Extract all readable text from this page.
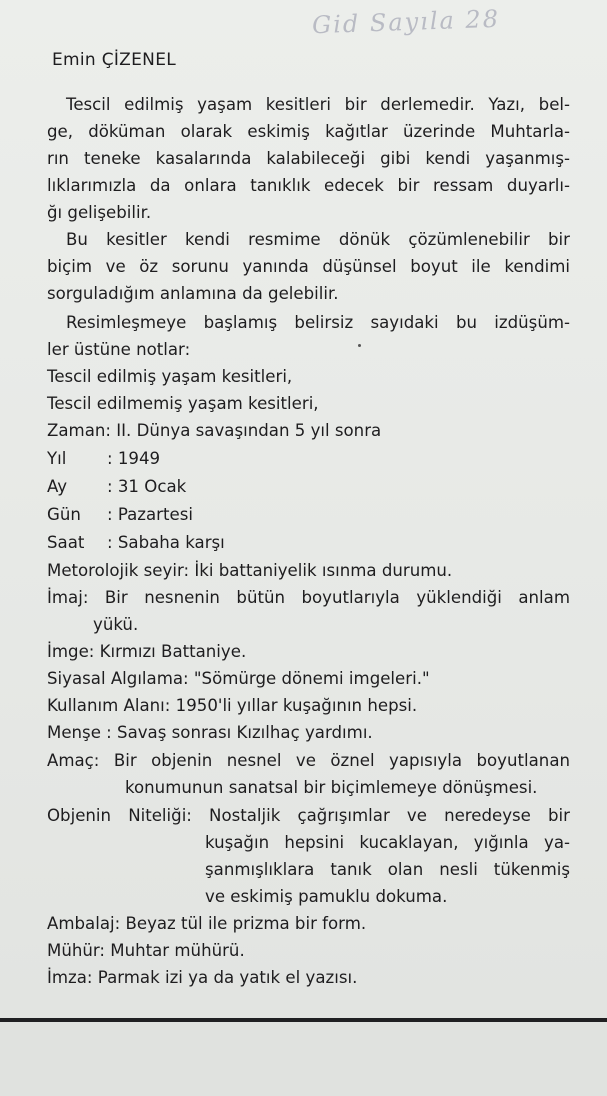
Gid Sayıla 28
Emin ÇİZENEL
Tescil edilmiş yaşam kesitleri bir derlemedir. Yazı, bel-
ge, döküman olarak eskimiş kağıtlar üzerinde Muhtarla-
rın teneke kasalarında kalabileceği gibi kendi yaşanmış-
lıklarımızla da onlara tanıklık edecek bir ressam duyarlı-
ğı gelişebilir.
Bu kesitler kendi resmime dönük çözümlenebilir bir
biçim ve öz sorunu yanında düşünsel boyut ile kendimi
sorguladığım anlamına da gelebilir.
Resimleşmeye başlamış belirsiz sayıdaki bu izdüşüm-
ler üstüne notlar:
Tescil edilmiş yaşam kesitleri,
Tescil edilmemiş yaşam kesitleri,
Zaman: II. Dünya savaşından 5 yıl sonra
Yıl : 1949
Ay : 31 Ocak
Gün : Pazartesi
Saat : Sabaha karşı
Metorolojik seyir: İki battaniyelik ısınma durumu.
İmaj: Bir nesnenin bütün boyutlarıyla yüklendiği anlam
yükü.
İmge: Kırmızı Battaniye.
Siyasal Algılama: "Sömürge dönemi imgeleri."
Kullanım Alanı: 1950'li yıllar kuşağının hepsi.
Menşe : Savaş sonrası Kızılhaç yardımı.
Amaç: Bir objenin nesnel ve öznel yapısıyla boyutlanan
konumunun sanatsal bir biçimlemeye dönüşmesi.
Objenin Niteliği: Nostaljik çağrışımlar ve neredeyse bir
kuşağın hepsini kucaklayan, yığınla ya-
şanmışlıklara tanık olan nesli tükenmiş
ve eskimiş pamuklu dokuma.
Ambalaj: Beyaz tül ile prizma bir form.
Mühür: Muhtar mühürü.
İmza: Parmak izi ya da yatık el yazısı.
